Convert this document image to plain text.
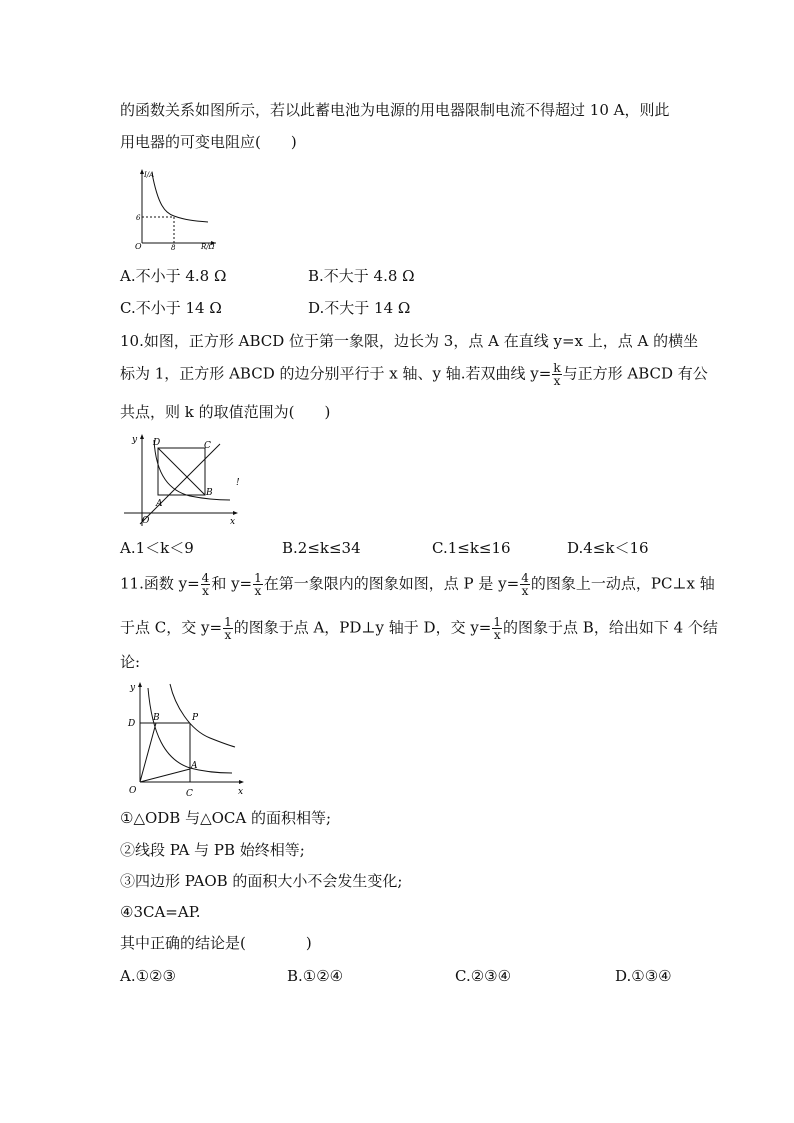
的函数关系如图所示，若以此蓄电池为电源的用电器限制电流不得超过 10 A，则此
用电器的可变电阻应(　　)
I/A
R/Ω
O
6
8
A.不小于 4.8 Ω	B.不大于 4.8 Ω
C.不小于 14 Ω	D.不大于 14 Ω
10.如图，正方形 ABCD 位于第一象限，边长为 3，点 A 在直线 y=x 上，点 A 的横坐
标为 1，正方形 ABCD 的边分别平行于 x 轴、y 轴.若双曲线 $y= \frac{k}{x}$ 与正方形 ABCD 有公
共点，则 k 的取值范围为(　　)
y
x
O
A
B
C
D
!
A.1＜k＜9	B.2≤k≤34	C.1≤k≤16	D.4≤k＜16
11.函数 $y= \frac{4}{x}$ 和 $y= \frac{1}{x}$ 在第一象限内的图象如图，点 P 是 $y= \frac{4}{x}$ 的图象上一动点，PC⊥x 轴
于点 C，交 $y= \frac{1}{x}$ 的图象于点 A，PD⊥y 轴于 D，交 $y= \frac{1}{x}$ 的图象于点 B，给出如下 4 个结
论:
y
x
O
A
B
C
D
P
①△ODB 与△OCA 的面积相等;
②线段 PA 与 PB 始终相等;
③四边形 PAOB 的面积大小不会发生变化;
④3CA=AP.
其中正确的结论是(　　　　)
A.①②③	B.①②④	C.②③④	D.①③④
